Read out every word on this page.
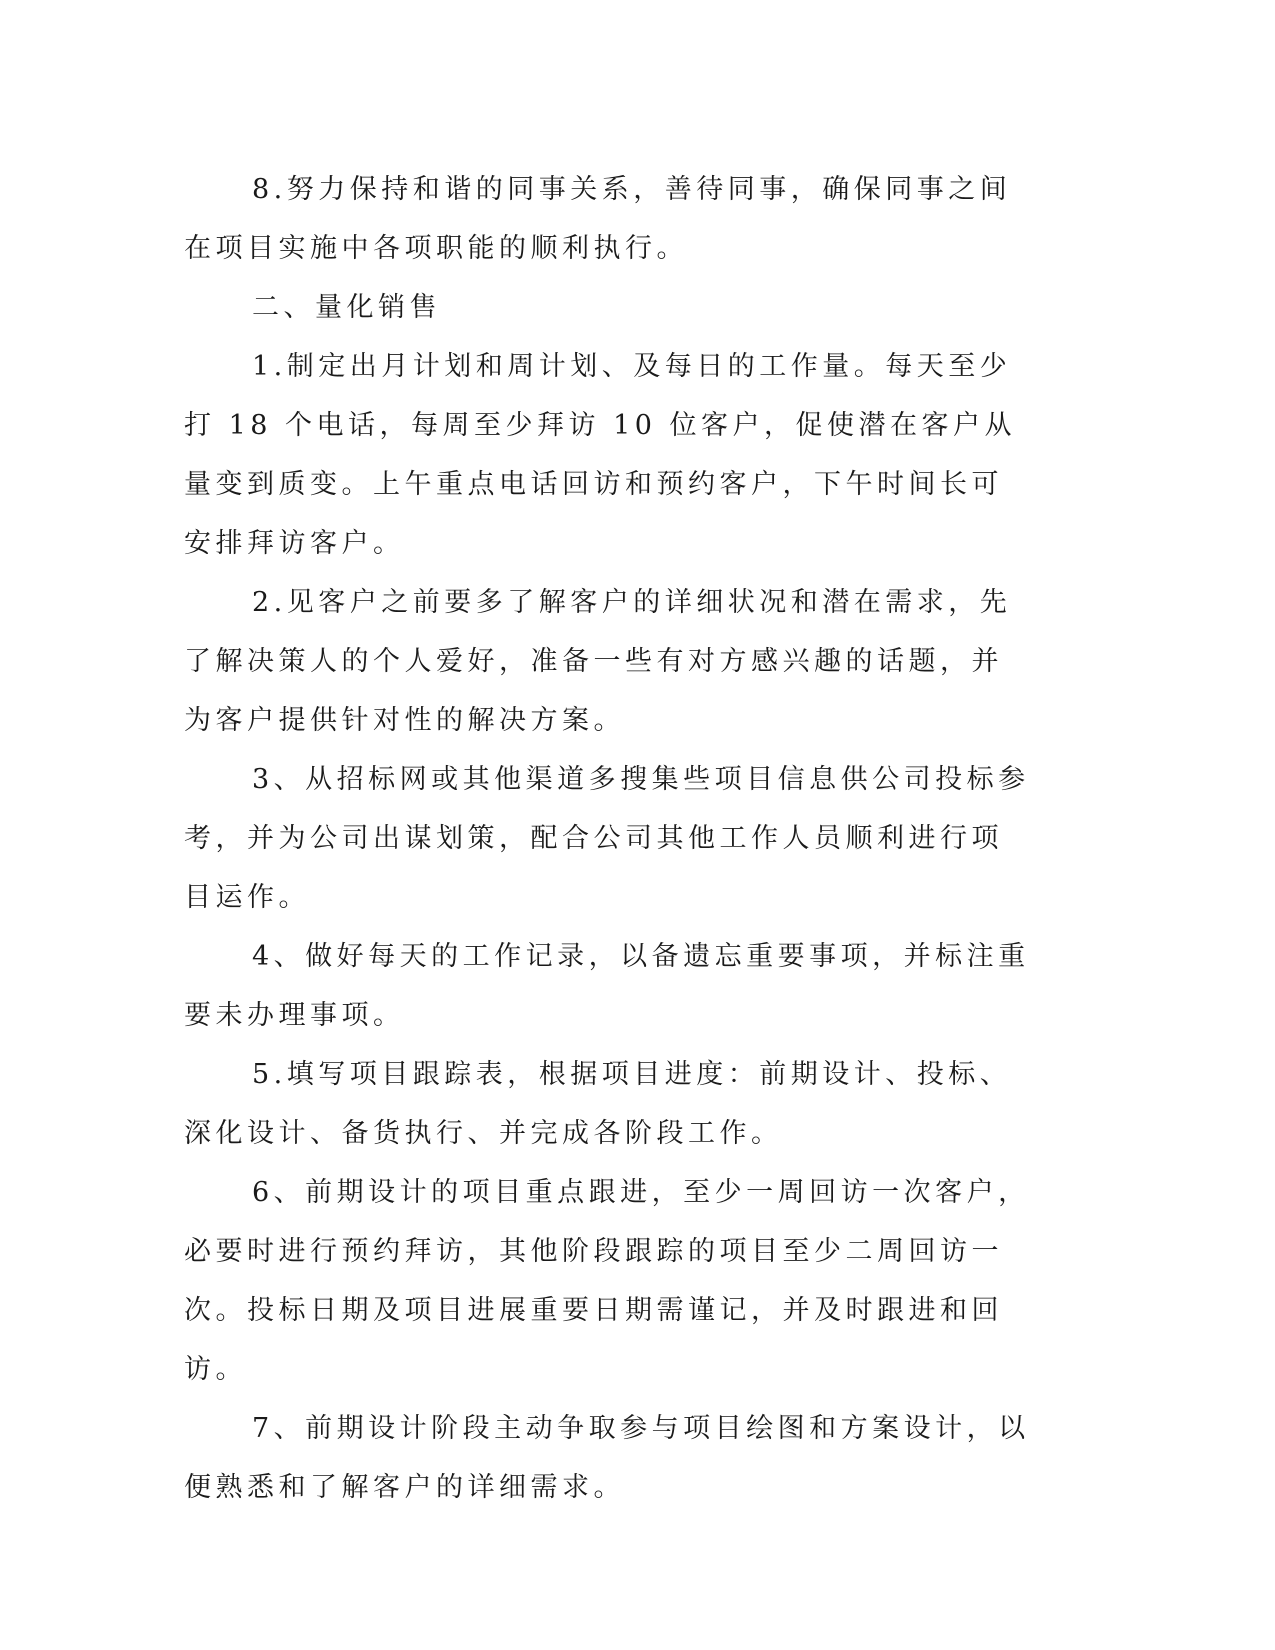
8.努力保持和谐的同事关系，善待同事，确保同事之间在项目实施中各项职能的顺利执行。

二、量化销售

1.制定出月计划和周计划、及每日的工作量。每天至少打 18 个电话，每周至少拜访 10 位客户，促使潜在客户从量变到质变。上午重点电话回访和预约客户，下午时间长可安排拜访客户。

2.见客户之前要多了解客户的详细状况和潜在需求，先了解决策人的个人爱好，准备一些有对方感兴趣的话题，并为客户提供针对性的解决方案。

3、从招标网或其他渠道多搜集些项目信息供公司投标参考，并为公司出谋划策，配合公司其他工作人员顺利进行项目运作。

4、做好每天的工作记录，以备遗忘重要事项，并标注重要未办理事项。

5.填写项目跟踪表，根据项目进度：前期设计、投标、深化设计、备货执行、并完成各阶段工作。

6、前期设计的项目重点跟进，至少一周回访一次客户，必要时进行预约拜访，其他阶段跟踪的项目至少二周回访一次。投标日期及项目进展重要日期需谨记，并及时跟进和回访。

7、前期设计阶段主动争取参与项目绘图和方案设计，以便熟悉和了解客户的详细需求。
